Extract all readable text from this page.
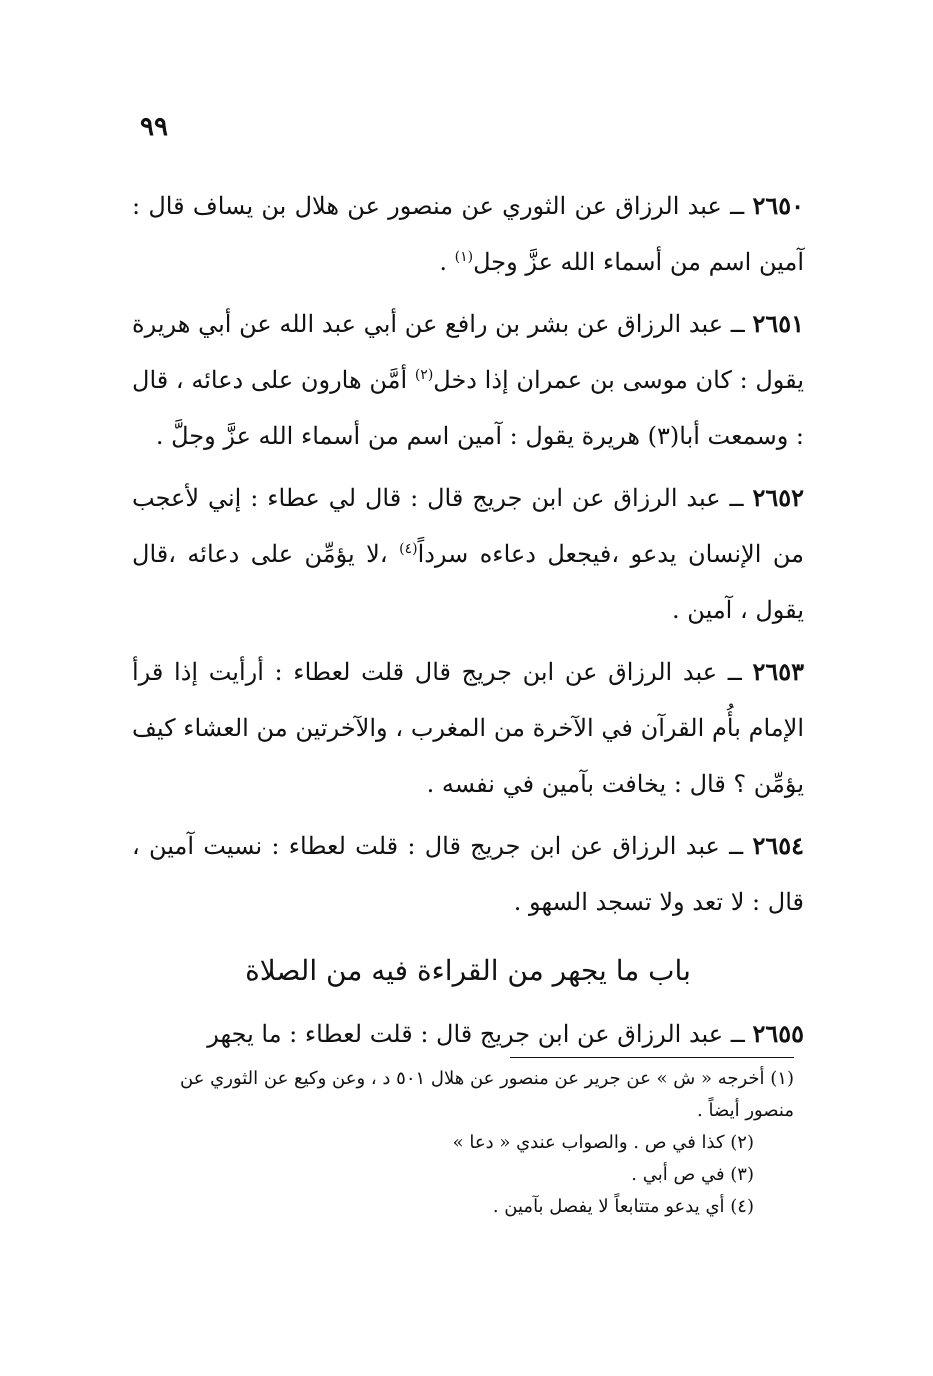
٩٩

٢٦٥٠ ــ عبد الرزاق عن الثوري عن منصور عن هلال بن يساف قال : آمين اسم من أسماء الله عزَّ وجل$^{(١)}$ .

٢٦٥١ ــ عبد الرزاق عن بشر بن رافع عن أبي عبد الله عن أبي هريرة يقول : كان موسى بن عمران إذا دخل$^{(٢)}$ أمَّن هارون على دعائه ، قال : وسمعت أبا(٣) هريرة يقول : آمين اسم من أسماء الله عزَّ وجلَّ .

٢٦٥٢ ــ عبد الرزاق عن ابن جريج قال : قال لي عطاء : إني لأعجب من الإنسان يدعو ،فيجعل دعاءه سرداً$^{(٤)}$ ،لا يؤمِّن على دعائه ،قال يقول ، آمين .

٢٦٥٣ ــ عبد الرزاق عن ابن جريج قال قلت لعطاء : أرأيت إذا قرأ الإمام بأُم القرآن في الآخرة من المغرب ، والآخرتين من العشاء كيف يؤمِّن ؟ قال : يخافت بآمين في نفسه .

٢٦٥٤ ــ عبد الرزاق عن ابن جريج قال : قلت لعطاء : نسيت آمين ، قال : لا تعد ولا تسجد السهو .

باب ما يجهر من القراءة فيه من الصلاة

٢٦٥٥ ــ عبد الرزاق عن ابن جريج قال : قلت لعطاء : ما يجهر

(١) أخرجه « ش » عن جرير عن منصور عن هلال ٥٠١ د ، وعن وكيع عن الثوري عن منصور أيضاً .

(٢) كذا في ص . والصواب عندي « دعا »

(٣) في ص أبي .

(٤) أي يدعو متتابعاً لا يفصل بآمين .
